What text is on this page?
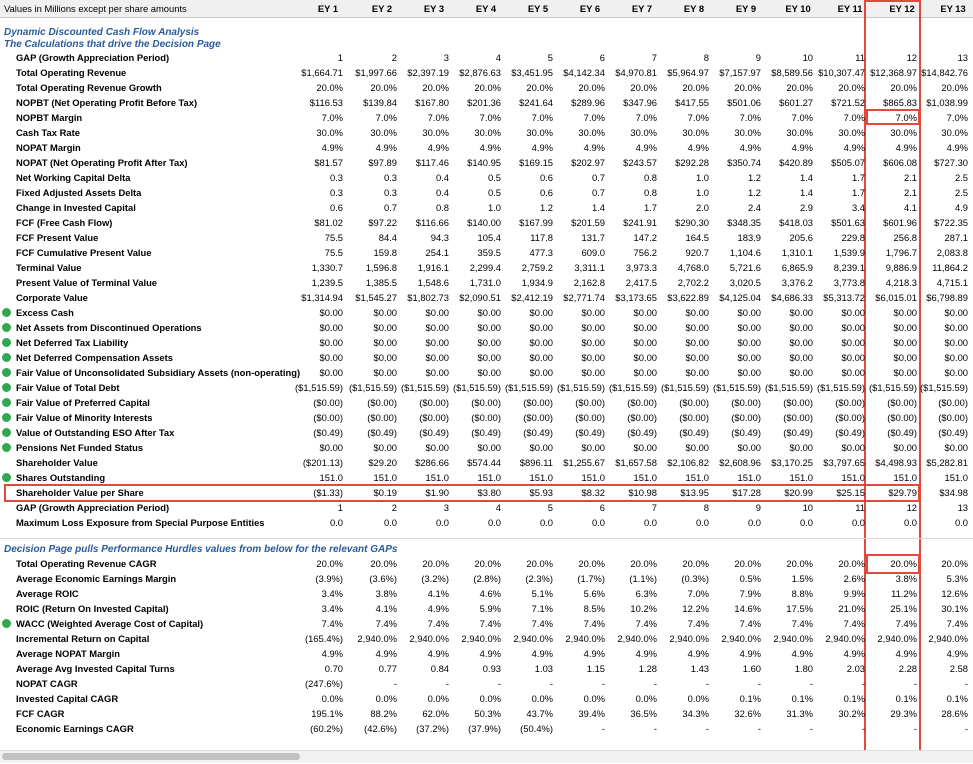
Values in Millions except per share amounts	EY 1	EY 2	EY 3	EY 4	EY 5	EY 6	EY 7	EY 8	EY 9	EY 10	EY 11	EY 12	EY 13
Dynamic Discounted Cash Flow Analysis
The Calculations that drive the Decision Page
Decision Page pulls Performance Hurdles values from below for the relevant GAPs
GAP (Growth Appreciation Period)	1	2	3	4	5	6	7	8	9	10	11	12	13
Total Operating Revenue	$1,664.71	$1,997.66	$2,397.19	$2,876.63	$3,451.95	$4,142.34	$4,970.81	$5,964.97	$7,157.97	$8,589.56 $10,307.47 $12,368.97 $14,842.76
Total Operating Revenue Growth	20.0%	20.0%	20.0%	20.0%	20.0%	20.0%	20.0%	20.0%	20.0%	20.0%	20.0%	20.0%	20.0%
NOPBT (Net Operating Profit Before Tax)	$116.53	$139.84	$167.80	$201.36	$241.64	$289.96	$347.96	$417.55	$501.06	$601.27	$721.52	$865.83 $1,038.99
NOPBT Margin	7.0%	7.0%	7.0%	7.0%	7.0%	7.0%	7.0%	7.0%	7.0%	7.0%	7.0%	7.0%	7.0%
Cash Tax Rate	30.0%	30.0%	30.0%	30.0%	30.0%	30.0%	30.0%	30.0%	30.0%	30.0%	30.0%	30.0%	30.0%
NOPAT Margin	4.9%	4.9%	4.9%	4.9%	4.9%	4.9%	4.9%	4.9%	4.9%	4.9%	4.9%	4.9%	4.9%
NOPAT (Net Operating Profit After Tax)	$81.57	$97.89	$117.46	$140.95	$169.15	$202.97	$243.57	$292.28	$350.74	$420.89	$505.07	$606.08	$727.30
Net Working Capital Delta	0.3	0.3	0.4	0.5	0.6	0.7	0.8	1.0	1.2	1.4	1.7	2.1	2.5
Fixed Adjusted Assets Delta	0.3	0.3	0.4	0.5	0.6	0.7	0.8	1.0	1.2	1.4	1.7	2.1	2.5
Change in Invested Capital	0.6	0.7	0.8	1.0	1.2	1.4	1.7	2.0	2.4	2.9	3.4	4.1	4.9
FCF (Free Cash Flow)	$81.02	$97.22	$116.66	$140.00	$167.99	$201.59	$241.91	$290.30	$348.35	$418.03	$501.63	$601.96	$722.35
FCF Present Value	75.5	84.4	94.3	105.4	117.8	131.7	147.2	164.5	183.9	205.6	229.8	256.8	287.1
FCF Cumulative Present Value	75.5	159.8	254.1	359.5	477.3	609.0	756.2	920.7	1,104.6	1,310.1	1,539.9	1,796.7	2,083.8
Terminal Value	1,330.7	1,596.8	1,916.1	2,299.4	2,759.2	3,311.1	3,973.3	4,768.0	5,721.6	6,865.9	8,239.1	9,886.9	11,864.2
Present Value of Terminal Value	1,239.5	1,385.5	1,548.6	1,731.0	1,934.9	2,162.8	2,417.5	2,702.2	3,020.5	3,376.2	3,773.8	4,218.3	4,715.1
Corporate Value	$1,314.94	$1,545.27	$1,802.73	$2,090.51	$2,412.19	$2,771.74	$3,173.65	$3,622.89	$4,125.04	$4,686.33	$5,313.72	$6,015.01 $6,798.89
Excess Cash	$0.00	$0.00	$0.00	$0.00	$0.00	$0.00	$0.00	$0.00	$0.00	$0.00	$0.00	$0.00	$0.00
Net Assets from Discontinued Operations	$0.00	$0.00	$0.00	$0.00	$0.00	$0.00	$0.00	$0.00	$0.00	$0.00	$0.00	$0.00	$0.00
Net Deferred Tax Liability	$0.00	$0.00	$0.00	$0.00	$0.00	$0.00	$0.00	$0.00	$0.00	$0.00	$0.00	$0.00	$0.00
Net Deferred Compensation Assets	$0.00	$0.00	$0.00	$0.00	$0.00	$0.00	$0.00	$0.00	$0.00	$0.00	$0.00	$0.00	$0.00
Fair Value of Unconsolidated Subsidiary Assets (non-operating)	$0.00	$0.00	$0.00	$0.00	$0.00	$0.00	$0.00	$0.00	$0.00	$0.00	$0.00	$0.00	$0.00
Fair Value of Total Debt	($1,515.59) ($1,515.59) ($1,515.59) ($1,515.59) ($1,515.59) ($1,515.59) ($1,515.59) ($1,515.59) ($1,515.59) ($1,515.59) ($1,515.59) ($1,515.59) ($1,515.59)
Fair Value of Preferred Capital	($0.00)	($0.00)	($0.00)	($0.00)	($0.00)	($0.00)	($0.00)	($0.00)	($0.00)	($0.00)	($0.00)	($0.00)	($0.00)
Fair Value of Minority Interests	($0.00)	($0.00)	($0.00)	($0.00)	($0.00)	($0.00)	($0.00)	($0.00)	($0.00)	($0.00)	($0.00)	($0.00)	($0.00)
Value of Outstanding ESO After Tax	($0.49)	($0.49)	($0.49)	($0.49)	($0.49)	($0.49)	($0.49)	($0.49)	($0.49)	($0.49)	($0.49)	($0.49)	($0.49)
Pensions Net Funded Status	$0.00	$0.00	$0.00	$0.00	$0.00	$0.00	$0.00	$0.00	$0.00	$0.00	$0.00	$0.00	$0.00
Shareholder Value	($201.13)	$29.20	$286.66	$574.44	$896.11	$1,255.67	$1,657.58	$2,106.82	$2,608.96	$3,170.25	$3,797.65	$4,498.93 $5,282.81
Shares Outstanding	151.0	151.0	151.0	151.0	151.0	151.0	151.0	151.0	151.0	151.0	151.0	151.0	151.0
Shareholder Value per Share	($1.33)	$0.19	$1.90	$3.80	$5.93	$8.32	$10.98	$13.95	$17.28	$20.99	$25.15	$29.79	$34.98
GAP (Growth Appreciation Period)	1	2	3	4	5	6	7	8	9	10	11	12	13
Maximum Loss Exposure from Special Purpose Entities	0.0	0.0	0.0	0.0	0.0	0.0	0.0	0.0	0.0	0.0	0.0	0.0	0.0
Total Operating Revenue CAGR	20.0%	20.0%	20.0%	20.0%	20.0%	20.0%	20.0%	20.0%	20.0%	20.0%	20.0%	20.0%	20.0%
Average Economic Earnings Margin	(3.9%)	(3.6%)	(3.2%)	(2.8%)	(2.3%)	(1.7%)	(1.1%)	(0.3%)	0.5%	1.5%	2.6%	3.8%	5.3%
Average ROIC	3.4%	3.8%	4.1%	4.6%	5.1%	5.6%	6.3%	7.0%	7.9%	8.8%	9.9%	11.2%	12.6%
ROIC (Return On Invested Capital)	3.4%	4.1%	4.9%	5.9%	7.1%	8.5%	10.2%	12.2%	14.6%	17.5%	21.0%	25.1%	30.1%
WACC (Weighted Average Cost of Capital)	7.4%	7.4%	7.4%	7.4%	7.4%	7.4%	7.4%	7.4%	7.4%	7.4%	7.4%	7.4%	7.4%
Incremental Return on Capital	(165.4%)	2,940.0%	2,940.0%	2,940.0%	2,940.0%	2,940.0%	2,940.0%	2,940.0%	2,940.0%	2,940.0%	2,940.0%	2,940.0%	2,940.0%
Average NOPAT Margin	4.9%	4.9%	4.9%	4.9%	4.9%	4.9%	4.9%	4.9%	4.9%	4.9%	4.9%	4.9%	4.9%
Average Avg Invested Capital Turns	0.70	0.77	0.84	0.93	1.03	1.15	1.28	1.43	1.60	1.80	2.03	2.28	2.58
NOPAT CAGR	(247.6%)	-	-	-	-	-	-	-	-	-	-	-	-
Invested Capital CAGR	0.0%	0.0%	0.0%	0.0%	0.0%	0.0%	0.0%	0.0%	0.1%	0.1%	0.1%	0.1%	0.1%
FCF CAGR	195.1%	88.2%	62.0%	50.3%	43.7%	39.4%	36.5%	34.3%	32.6%	31.3%	30.2%	29.3%	28.6%
Economic Earnings CAGR	(60.2%)	(42.6%)	(37.2%)	(37.9%)	(50.4%)	-	-	-	-	-	-	-	-
